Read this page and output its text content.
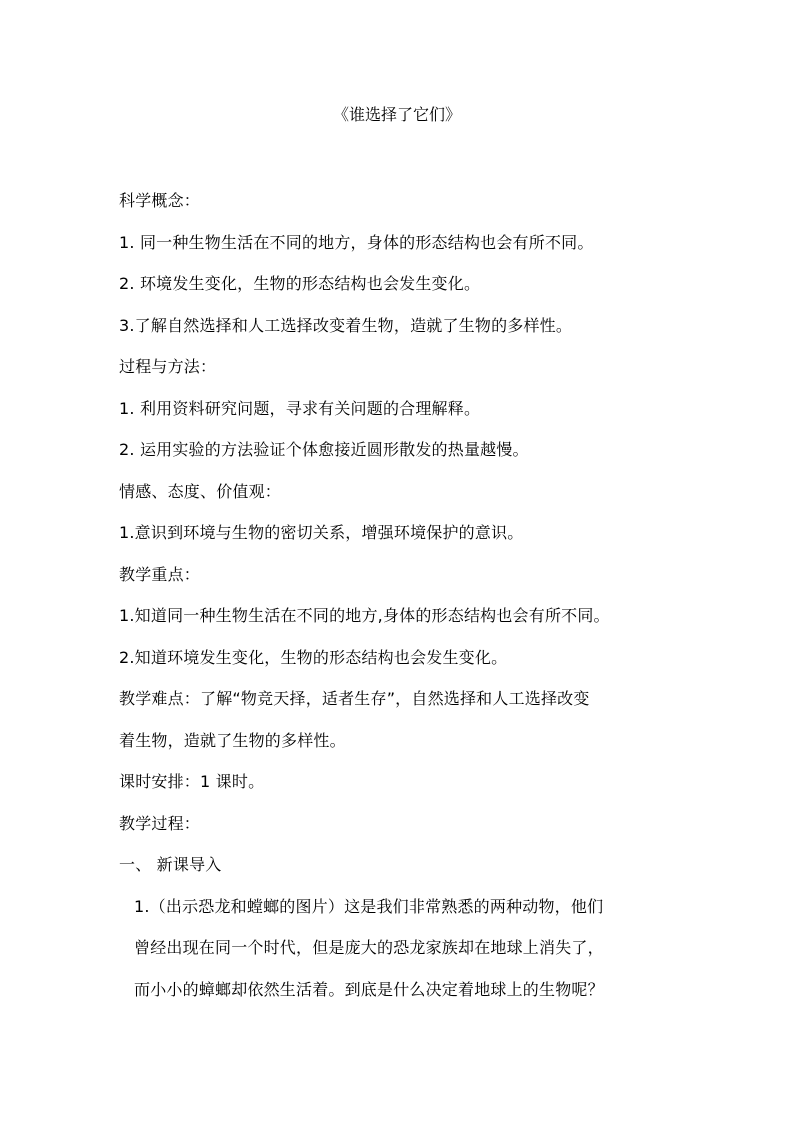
《谁选择了它们》
科学概念：
1. 同一种生物生活在不同的地方，身体的形态结构也会有所不同。
2. 环境发生变化，生物的形态结构也会发生变化。
3.了解自然选择和人工选择改变着生物，造就了生物的多样性。
过程与方法：
1. 利用资料研究问题，寻求有关问题的合理解释。
2. 运用实验的方法验证个体愈接近圆形散发的热量越慢。
情感、态度、价值观：
1.意识到环境与生物的密切关系，增强环境保护的意识。
教学重点：
1.知道同一种生物生活在不同的地方,身体的形态结构也会有所不同。
2.知道环境发生变化，生物的形态结构也会发生变化。
教学难点：了解“物竞天择，适者生存”，自然选择和人工选择改变
着生物，造就了生物的多样性。
课时安排：1 课时。
教学过程：
一、 新课导入
1.（出示恐龙和螳螂的图片）这是我们非常熟悉的两种动物，他们
曾经出现在同一个时代，但是庞大的恐龙家族却在地球上消失了，
而小小的蟑螂却依然生活着。到底是什么决定着地球上的生物呢？
